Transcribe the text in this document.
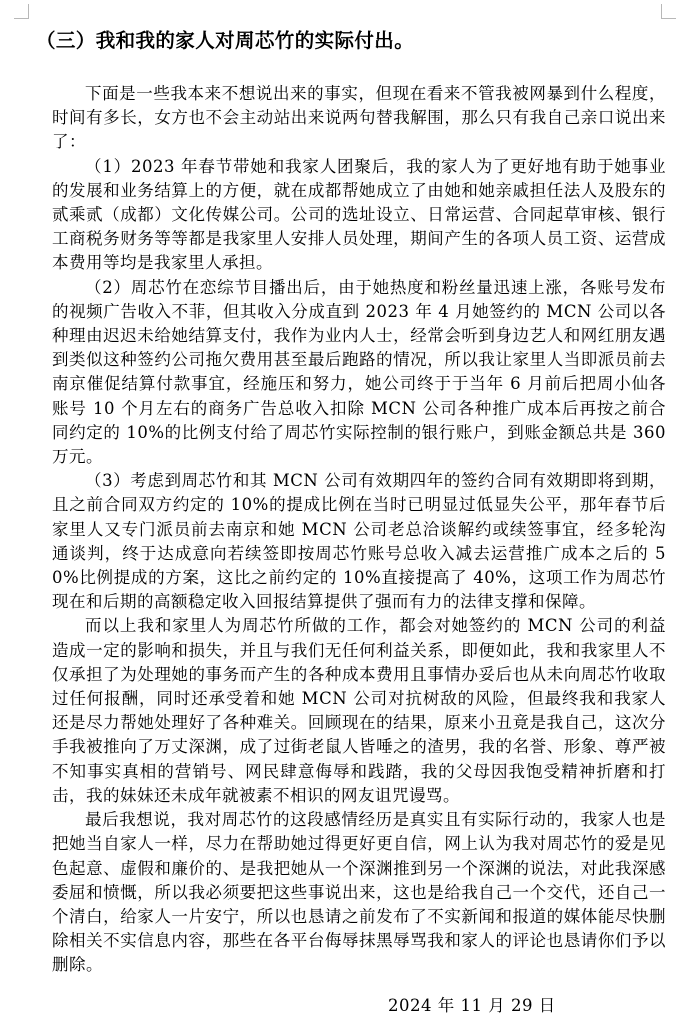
（三）我和我的家人对周芯竹的实际付出。

下面是一些我本来不想说出来的事实，但现在看来不管我被网暴到什么程度，时间有多长，女方也不会主动站出来说两句替我解围，那么只有我自己亲口说出来了：

（1）2023 年春节带她和我家人团聚后，我的家人为了更好地有助于她事业的发展和业务结算上的方便，就在成都帮她成立了由她和她亲戚担任法人及股东的贰乘贰（成都）文化传媒公司。公司的选址设立、日常运营、合同起草审核、银行工商税务财务等等都是我家里人安排人员处理，期间产生的各项人员工资、运营成本费用等均是我家里人承担。

（2）周芯竹在恋综节目播出后，由于她热度和粉丝量迅速上涨，各账号发布的视频广告收入不菲，但其收入分成直到 2023 年 4 月她签约的 MCN 公司以各种理由迟迟未给她结算支付，我作为业内人士，经常会听到身边艺人和网红朋友遇到类似这种签约公司拖欠费用甚至最后跑路的情况，所以我让家里人当即派员前去南京催促结算付款事宜，经施压和努力，她公司终于于当年 6 月前后把周小仙各账号 10 个月左右的商务广告总收入扣除 MCN 公司各种推广成本后再按之前合同约定的 10%的比例支付给了周芯竹实际控制的银行账户，到账金额总共是 360 万元。

（3）考虑到周芯竹和其 MCN 公司有效期四年的签约合同有效期即将到期，且之前合同双方约定的 10%的提成比例在当时已明显过低显失公平，那年春节后家里人又专门派员前去南京和她 MCN 公司老总洽谈解约或续签事宜，经多轮沟通谈判，终于达成意向若续签即按周芯竹账号总收入减去运营推广成本之后的 50%比例提成的方案，这比之前约定的 10%直接提高了 40%，这项工作为周芯竹现在和后期的高额稳定收入回报结算提供了强而有力的法律支撑和保障。

而以上我和家里人为周芯竹所做的工作，都会对她签约的 MCN 公司的利益造成一定的影响和损失，并且与我们无任何利益关系，即便如此，我和我家里人不仅承担了为处理她的事务而产生的各种成本费用且事情办妥后也从未向周芯竹收取过任何报酬，同时还承受着和她 MCN 公司对抗树敌的风险，但最终我和我家人还是尽力帮她处理好了各种难关。回顾现在的结果，原来小丑竟是我自己，这次分手我被推向了万丈深渊，成了过街老鼠人皆唾之的渣男，我的名誉、形象、尊严被不知事实真相的营销号、网民肆意侮辱和践踏，我的父母因我饱受精神折磨和打击，我的妹妹还未成年就被素不相识的网友诅咒谩骂。

最后我想说，我对周芯竹的这段感情经历是真实且有实际行动的，我家人也是把她当自家人一样，尽力在帮助她过得更好更自信，网上认为我对周芯竹的爱是见色起意、虚假和廉价的、是我把她从一个深渊推到另一个深渊的说法，对此我深感委屈和愤慨，所以我必须要把这些事说出来，这也是给我自己一个交代，还自己一个清白，给家人一片安宁，所以也恳请之前发布了不实新闻和报道的媒体能尽快删除相关不实信息内容，那些在各平台侮辱抹黑辱骂我和家人的评论也恳请你们予以删除。

2024 年 11 月 29 日
